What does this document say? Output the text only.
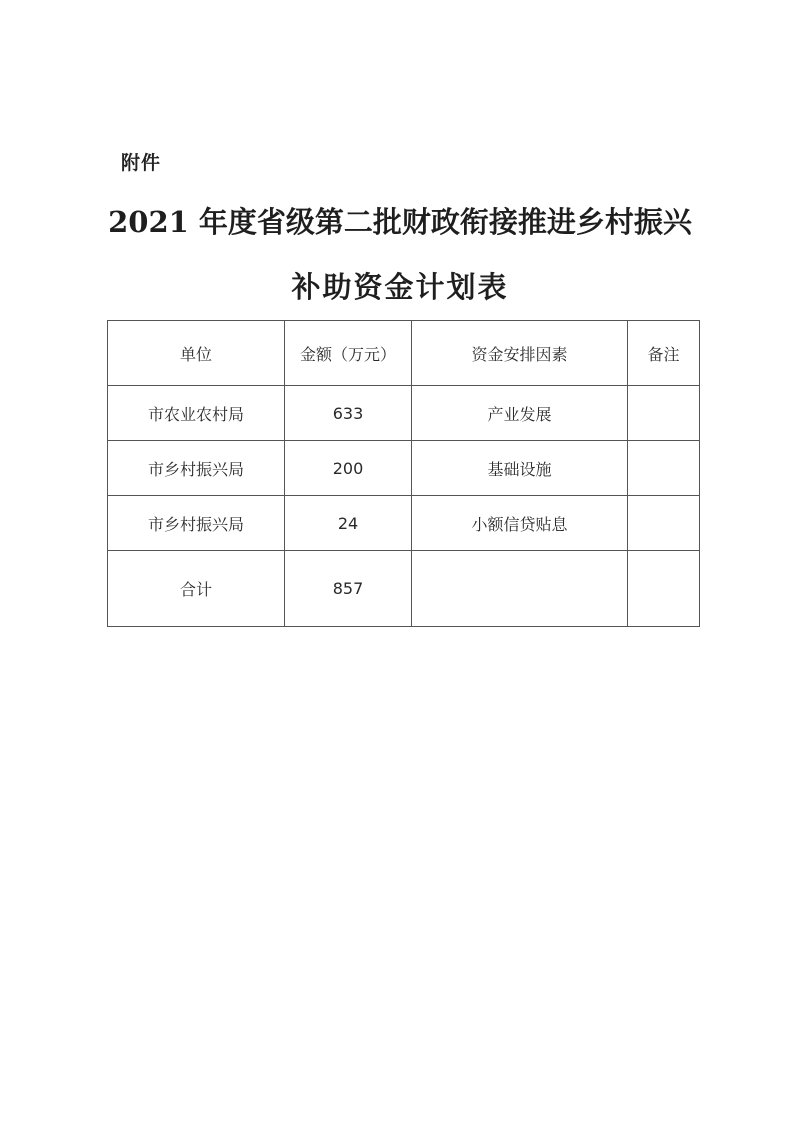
附件
2021 年度省级第二批财政衔接推进乡村振兴
补助资金计划表
单位	金额（万元）	资金安排因素	备注
市农业农村局	633	产业发展	
市乡村振兴局	200	基础设施	
市乡村振兴局	24	小额信贷贴息	
合计	857		
